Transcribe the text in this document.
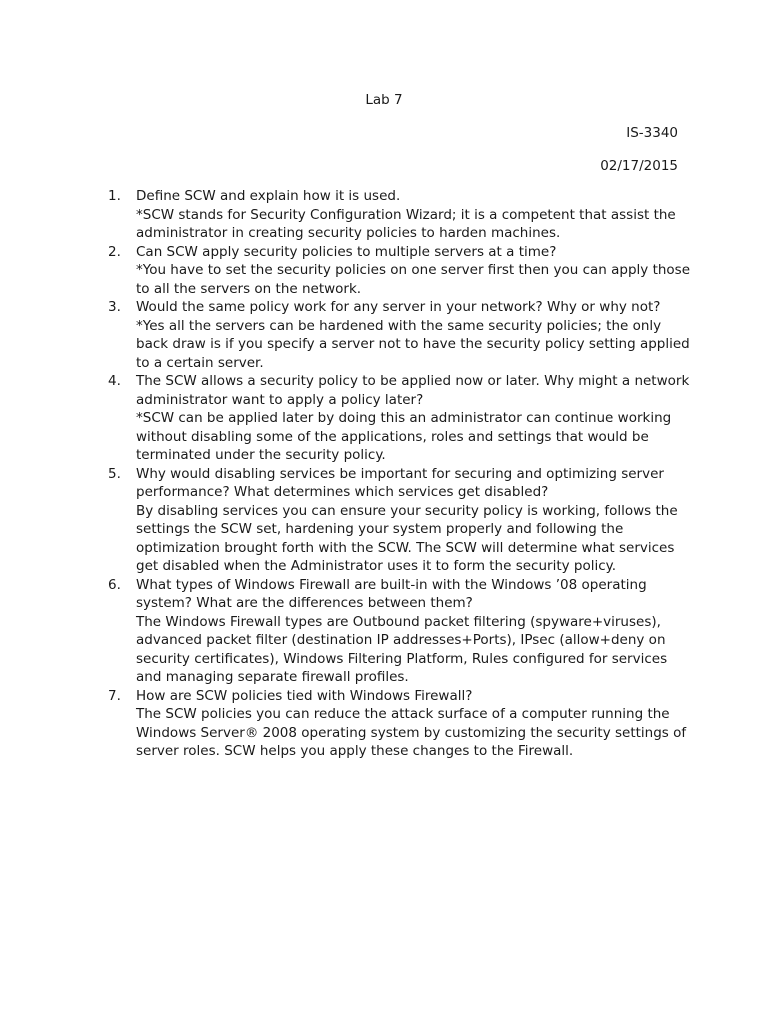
Lab 7

IS-3340

02/17/2015

1.	Define SCW and explain how it is used.
*SCW stands for Security Configuration Wizard; it is a competent that assist the administrator in creating security policies to harden machines.
2.	Can SCW apply security policies to multiple servers at a time?
*You have to set the security policies on one server first then you can apply those to all the servers on the network.
3.	Would the same policy work for any server in your network? Why or why not?
*Yes all the servers can be hardened with the same security policies; the only back draw is if you specify a server not to have the security policy setting applied to a certain server.
4.	The SCW allows a security policy to be applied now or later. Why might a network administrator want to apply a policy later?
*SCW can be applied later by doing this an administrator can continue working without disabling some of the applications, roles and settings that would be terminated under the security policy.
5.	Why would disabling services be important for securing and optimizing server performance? What determines which services get disabled?
By disabling services you can ensure your security policy is working, follows the settings the SCW set, hardening your system properly and following the optimization brought forth with the SCW. The SCW will determine what services get disabled when the Administrator uses it to form the security policy.
6.	What types of Windows Firewall are built-in with the Windows ’08 operating system? What are the differences between them?
The Windows Firewall types are Outbound packet filtering (spyware+viruses), advanced packet filter (destination IP addresses+Ports), IPsec (allow+deny on security certificates), Windows Filtering Platform, Rules configured for services and managing separate firewall profiles.
7.	How are SCW policies tied with Windows Firewall?
The SCW policies you can reduce the attack surface of a computer running the Windows Server® 2008 operating system by customizing the security settings of server roles. SCW helps you apply these changes to the Firewall.
